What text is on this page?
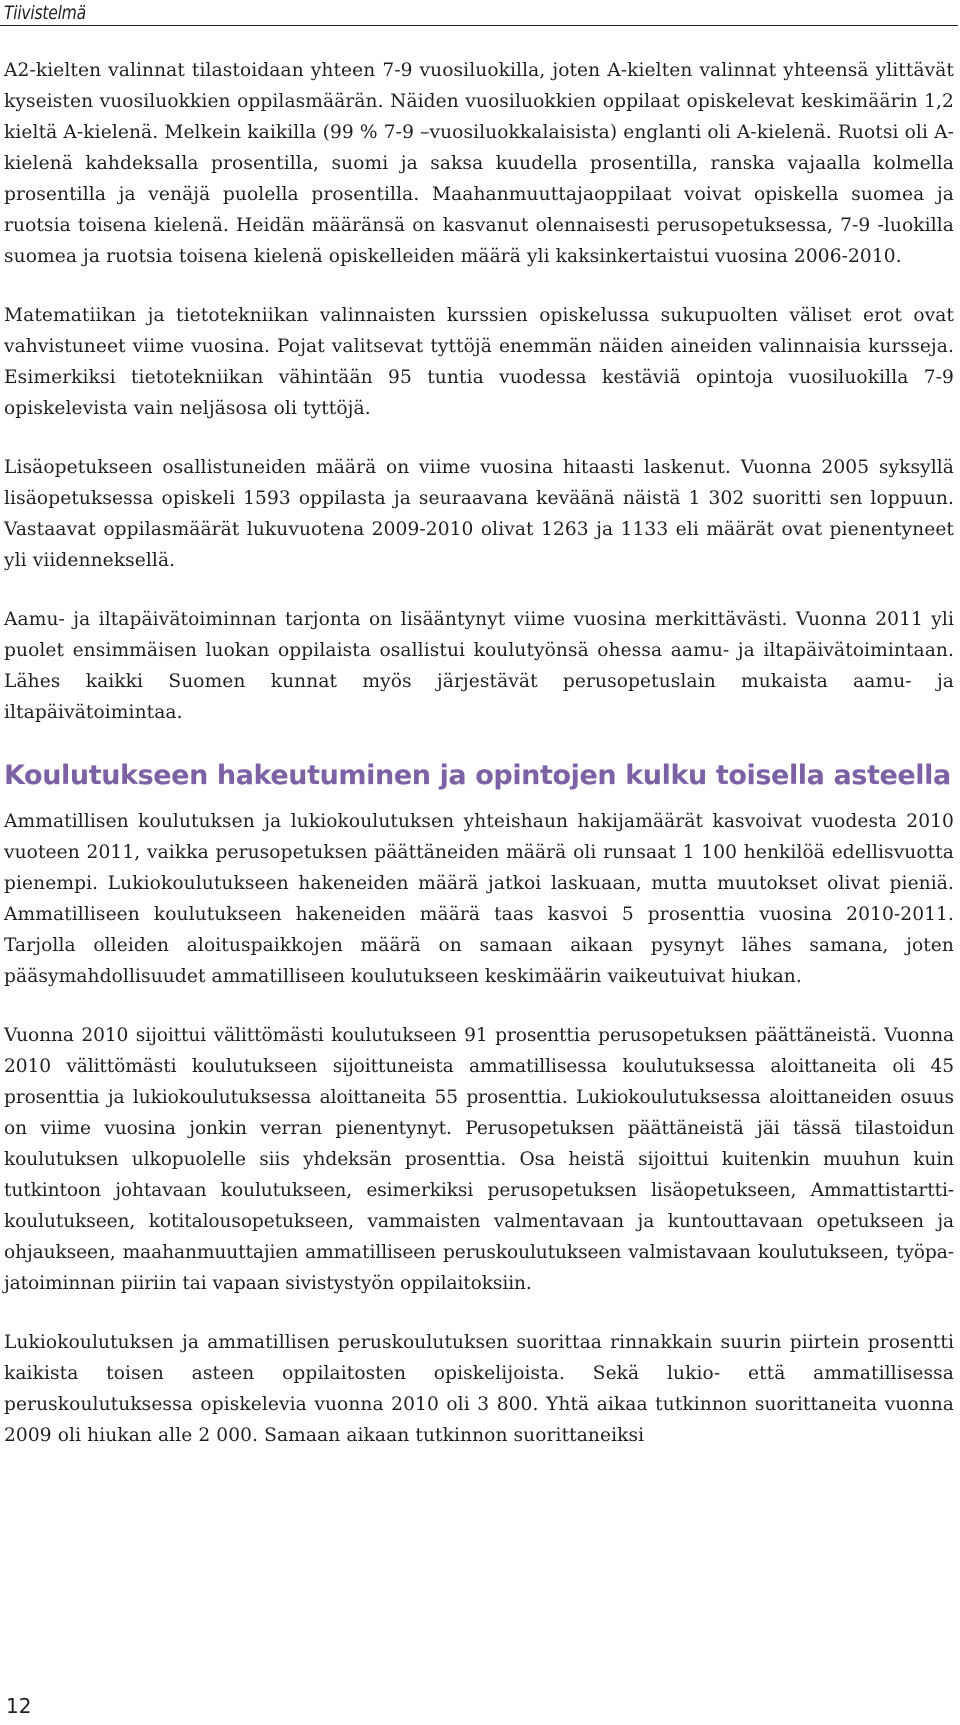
Tiivistelmä

A2-kielten valinnat tilastoidaan yhteen 7-9 vuosiluokilla, joten A-kielten valinnat yhteensä ylittävät kyseisten vuosiluokkien oppilasmäärän. Näiden vuosiluokkien oppilaat opiskelevat keskimäärin 1,2 kieltä A-kielenä. Melkein kaikilla (99 % 7-9 –vuosiluokkalaisista) englanti oli A-kielenä. Ruotsi oli A-kielenä kahdeksalla prosentilla, suomi ja saksa kuudella prosentilla, ranska vajaalla kolmella prosentilla ja venäjä puolella prosentilla. Maahanmuuttajaoppilaat voivat opiskella suomea ja ruotsia toisena kielenä. Heidän määränsä on kasvanut olennaisesti perusopetuksessa, 7-9 -luokilla suomea ja ruotsia toisena kielenä opiskelleiden määrä yli kaksinkertaistui vuosina 2006-2010.

Matematiikan ja tietotekniikan valinnaisten kurssien opiskelussa sukupuolten väliset erot ovat vahvistuneet viime vuosina. Pojat valitsevat tyttöjä enemmän näiden aineiden valinnaisia kursseja. Esimerkiksi tietotekniikan vähintään 95 tuntia vuodessa kestäviä opintoja vuosiluokilla 7-9 opiskelevista vain neljäsosa oli tyttöjä.

Lisäopetukseen osallistuneiden määrä on viime vuosina hitaasti laskenut. Vuonna 2005 syksyllä lisäopetuksessa opiskeli 1593 oppilasta ja seuraavana keväänä näistä 1 302 suoritti sen loppuun. Vastaavat oppilasmäärät lukuvuotena 2009-2010 olivat 1263 ja 1133 eli määrät ovat pienentyneet yli viidenneksellä.

Aamu- ja iltapäivätoiminnan tarjonta on lisääntynyt viime vuosina merkittävästi. Vuonna 2011 yli puolet ensimmäisen luokan oppilaista osallistui koulutyönsä ohessa aamu- ja iltapäivätoimintaan. Lähes kaikki Suomen kunnat myös järjestävät perusopetuslain mukaista aamu- ja iltapäivätoimintaa.

Koulutukseen hakeutuminen ja opintojen kulku toisella asteella

Ammatillisen koulutuksen ja lukiokoulutuksen yhteishaun hakijamäärät kasvoivat vuodesta 2010 vuoteen 2011, vaikka perusopetuksen päättäneiden määrä oli runsaat 1 100 henkilöä edellisvuotta pienempi. Lukiokoulutukseen hakeneiden määrä jatkoi laskuaan, mutta muutokset olivat pieniä. Ammatilliseen koulutukseen hakeneiden määrä taas kasvoi 5 prosenttia vuosina 2010-2011. Tarjolla olleiden aloituspaikkojen määrä on samaan aikaan pysynyt lähes samana, joten pääsymahdollisuudet ammatilliseen koulutukseen keskimäärin vaikeutuivat hiukan.

Vuonna 2010 sijoittui välittömästi koulutukseen 91 prosenttia perusopetuksen päättäneistä. Vuonna 2010 välittömästi koulutukseen sijoittuneista ammatillisessa koulutuksessa aloittaneita oli 45 prosenttia ja lukiokoulutuksessa aloittaneita 55 prosenttia. Lukiokoulutuksessa aloittaneiden osuus on viime vuosina jonkin verran pienentynyt. Perusopetuksen päättäneistä jäi tässä tilastoidun koulutuksen ulkopuolelle siis yhdeksän prosenttia. Osa heistä sijoittui kuitenkin muuhun kuin tutkintoon johtavaan koulutukseen, esimerkiksi perusopetuksen lisäopetukseen, Ammattistartti-koulutukseen, kotitalousopetukseen, vammaisten valmentavaan ja kuntouttavaan opetukseen ja ohjaukseen, maahanmuuttajien ammatilliseen peruskoulutukseen valmistavaan koulutukseen, työpajatoiminnan piiriin tai vapaan sivistystyön oppilaitoksiin.

Lukiokoulutuksen ja ammatillisen peruskoulutuksen suorittaa rinnakkain suurin piirtein prosentti kaikista toisen asteen oppilaitosten opiskelijoista. Sekä lukio- että ammatillisessa peruskoulutuksessa opiskelevia vuonna 2010 oli 3 800. Yhtä aikaa tutkinnon suorittaneita vuonna 2009 oli hiukan alle 2 000. Samaan aikaan tutkinnon suorittaneiksi

12
